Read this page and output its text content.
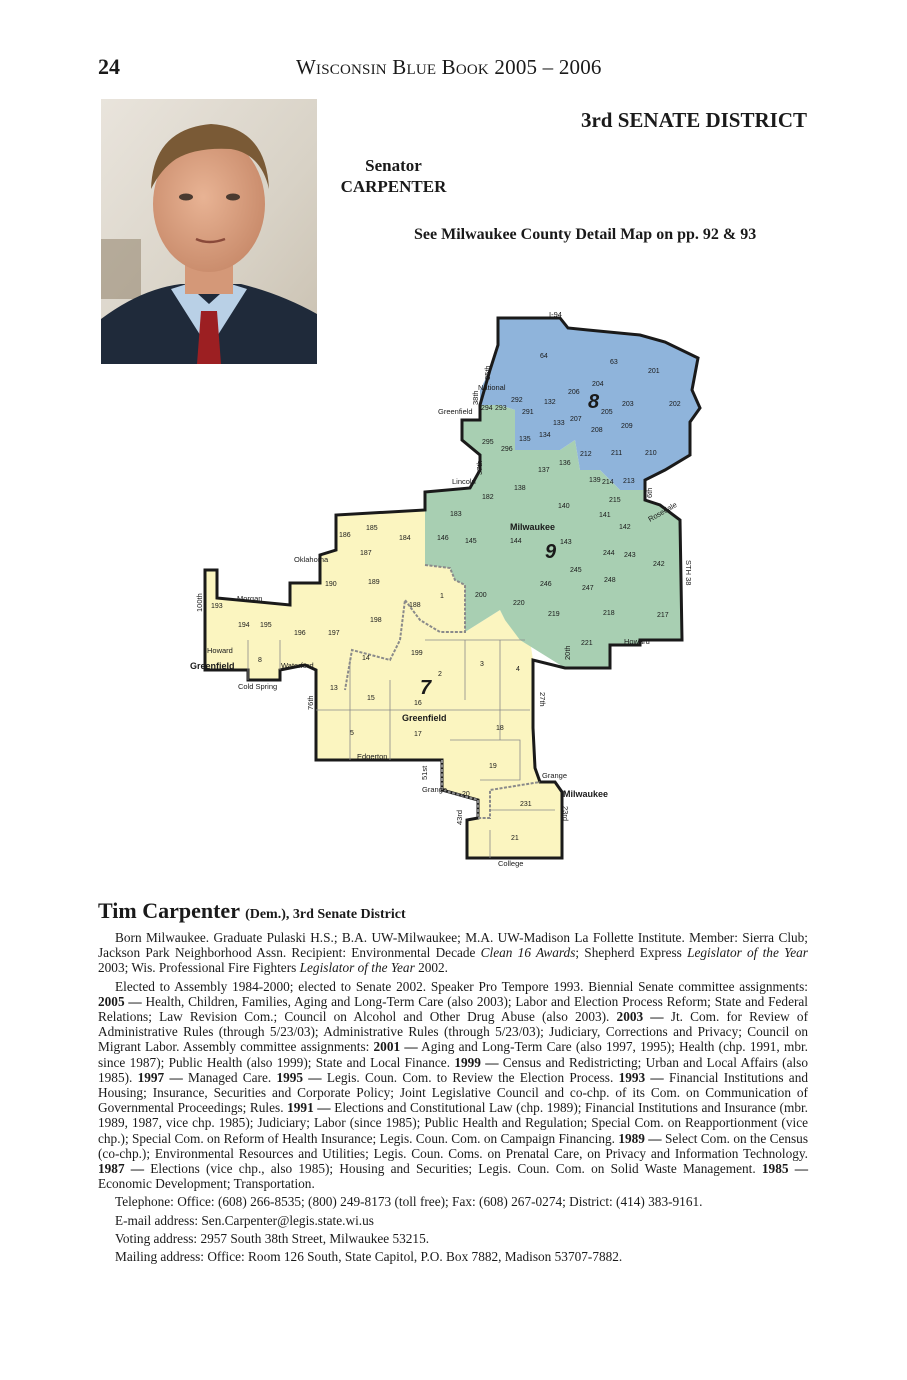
24	Wisconsin Blue Book 2005 – 2006
3rd SENATE DISTRICT
Senator
CARPENTER
See Milwaukee County Detail Map on pp. 92 & 93
8
9
7
Milwaukee
Greenfield
Greenfield
Milwaukee
I-94
35th
38th
National
Greenfield
37th
Lincoln
6th
Rosedale
STH 38
Oklahoma
100th	Morgan
Howard
Waterford
Cold Spring
76th
20th
Howard
27th
Edgerton
51st
Grange
Grange
43rd	23rd
College
64
63
201
204
206
292	132	202
203
294 293
291
133
207
205
208
209
295
296
135
134
212	211	210
137
136
139 214 213
138
215
182
140
141
142
183
185
186	184	146 145	144	143
244 243
187
245
242
190	189	246
248
247
1	200
220
193
198
219	218	217
194 195
196	197
188
221
8	14
199
2
3
4
13
15
16
17
5
18
19
20
231
21
Tim Carpenter (Dem.), 3rd Senate District

Born Milwaukee. Graduate Pulaski H.S.; B.A. UW-Milwaukee; M.A. UW-Madison La Follette Institute. Member: Sierra Club; Jackson Park Neighborhood Assn. Recipient: Environmental Decade Clean 16 Awards; Shepherd Express Legislator of the Year 2003; Wis. Professional Fire Fighters Legislator of the Year 2002.

Elected to Assembly 1984-2000; elected to Senate 2002. Speaker Pro Tempore 1993. Biennial Senate committee assignments: 2005 — Health, Children, Families, Aging and Long-Term Care (also 2003); Labor and Election Process Reform; State and Federal Relations; Law Revision Com.; Council on Alcohol and Other Drug Abuse (also 2003). 2003 — Jt. Com. for Review of Administrative Rules (through 5/23/03); Administrative Rules (through 5/23/03); Judiciary, Corrections and Privacy; Council on Migrant Labor. Assembly committee assignments: 2001 — Aging and Long-Term Care (also 1997, 1995); Health (chp. 1991, mbr. since 1987); Public Health (also 1999); State and Local Finance. 1999 — Census and Redistricting; Urban and Local Affairs (also 1985). 1997 — Managed Care. 1995 — Legis. Coun. Com. to Review the Election Process. 1993 — Financial Institutions and Housing; Insurance, Securities and Corporate Policy; Joint Legislative Council and co-chp. of its Com. on Communication of Governmental Proceedings; Rules. 1991 — Elections and Constitutional Law (chp. 1989); Financial Institutions and Insurance (mbr. 1989, 1987, vice chp. 1985); Judiciary; Labor (since 1985); Public Health and Regulation; Special Com. on Reapportionment (vice chp.); Special Com. on Reform of Health Insurance; Legis. Coun. Com. on Campaign Financing. 1989 — Select Com. on the Census (co-chp.); Environmental Resources and Utilities; Legis. Coun. Coms. on Prenatal Care, on Privacy and Information Technology. 1987 — Elections (vice chp., also 1985); Housing and Securities; Legis. Coun. Com. on Solid Waste Management. 1985 — Economic Development; Transportation.

Telephone: Office: (608) 266-8535; (800) 249-8173 (toll free); Fax: (608) 267-0274; District: (414) 383-9161.

E-mail address: Sen.Carpenter@legis.state.wi.us

Voting address: 2957 South 38th Street, Milwaukee 53215.

Mailing address: Office: Room 126 South, State Capitol, P.O. Box 7882, Madison 53707-7882.
